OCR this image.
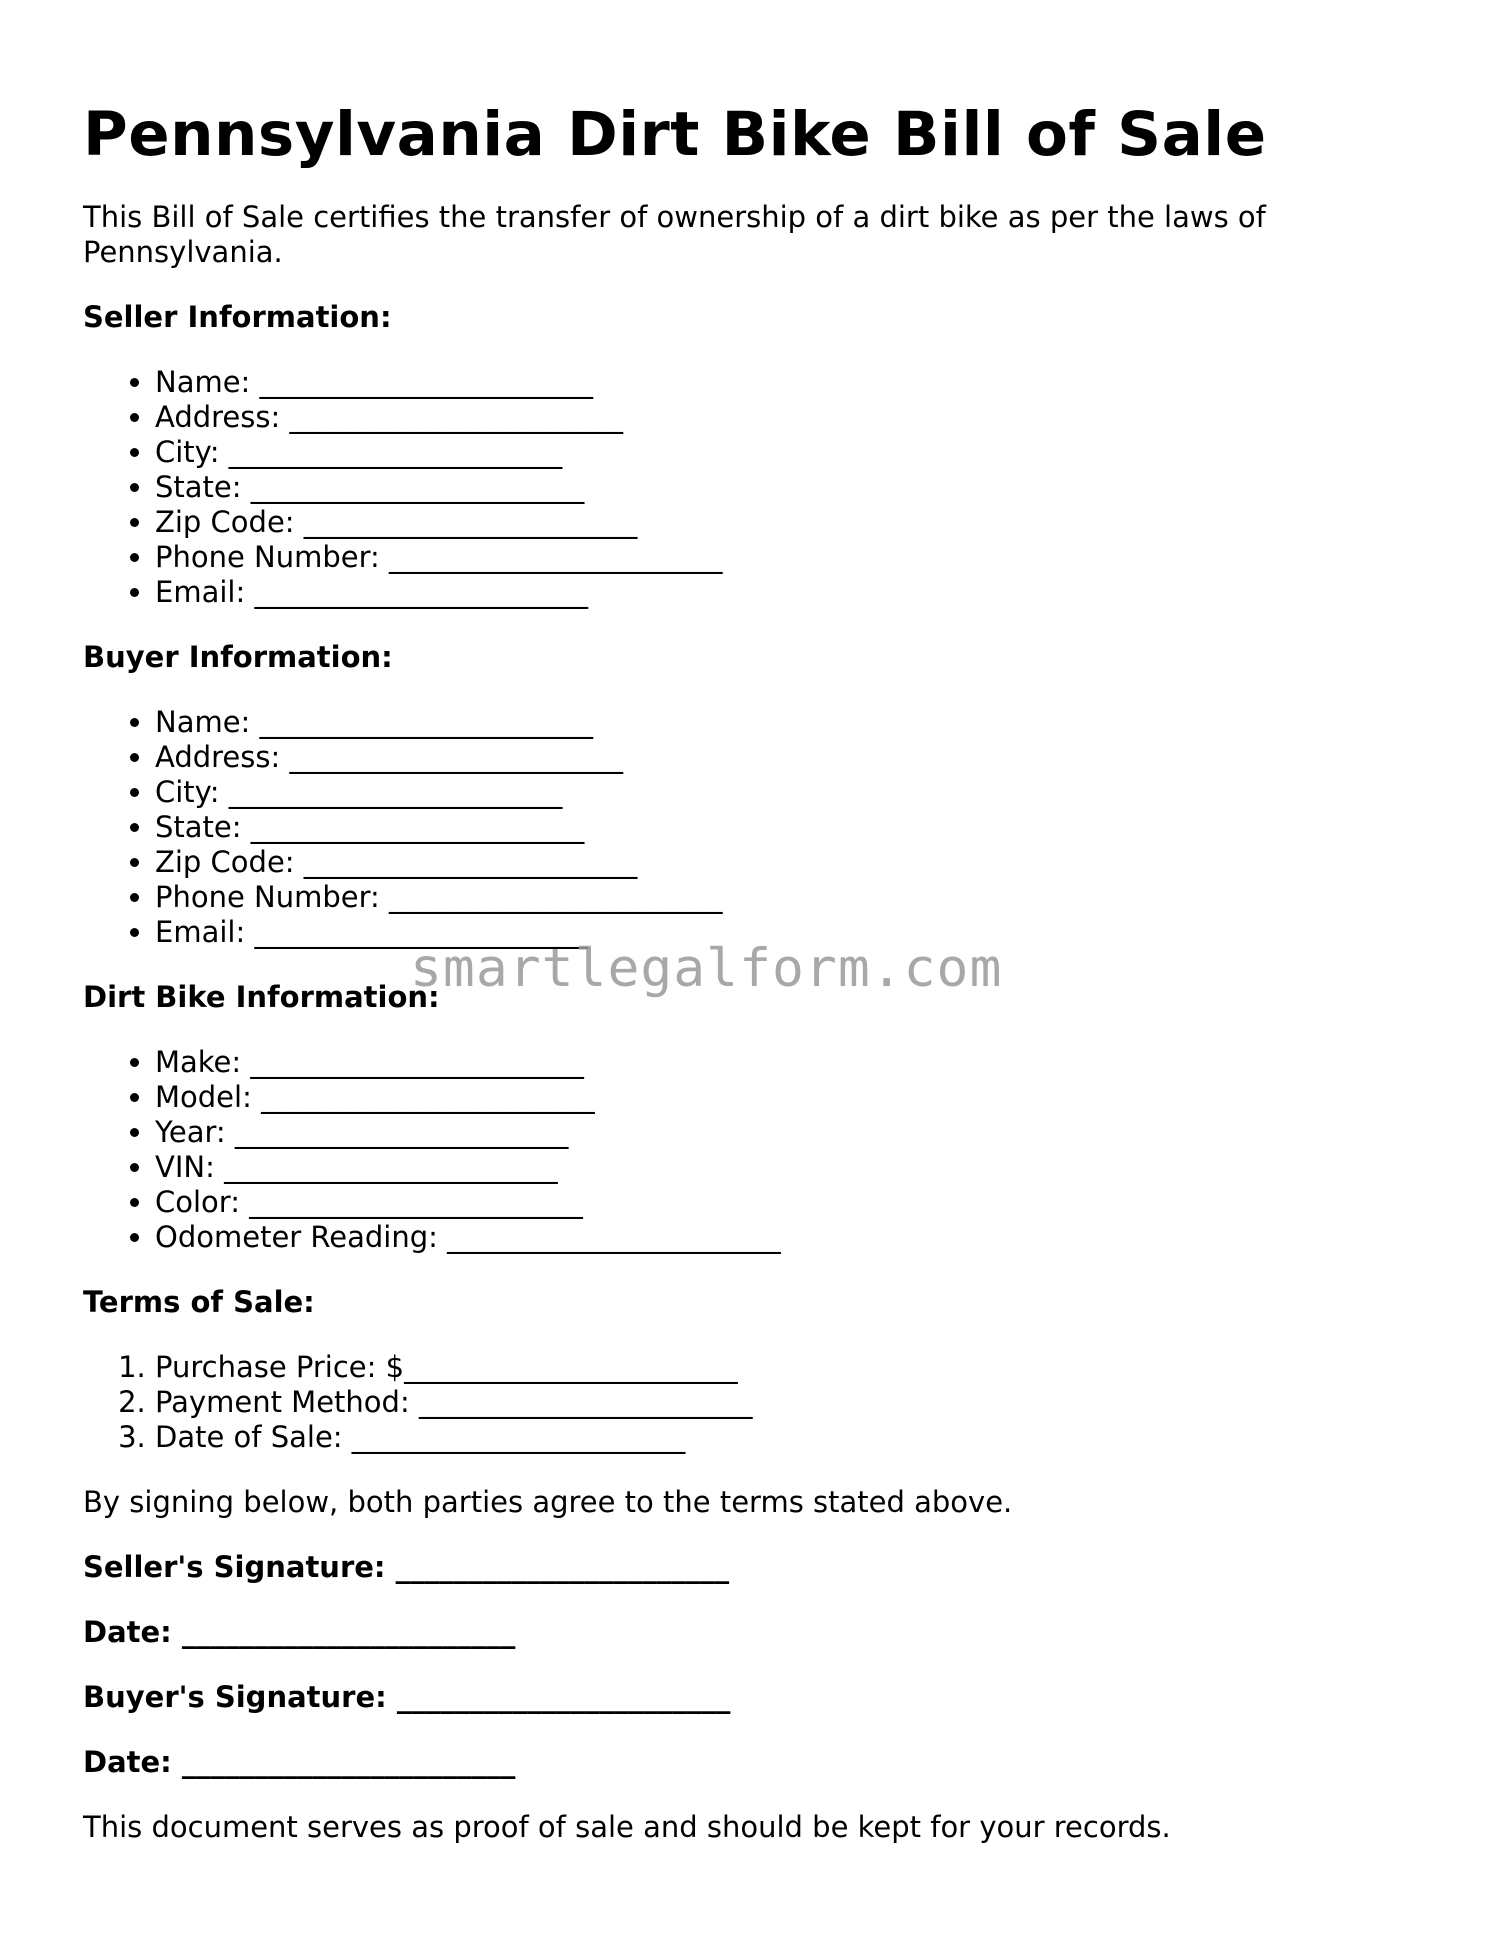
Pennsylvania Dirt Bike Bill of Sale

This Bill of Sale certifies the transfer of ownership of a dirt bike as per the laws of Pennsylvania.

Seller Information:
• Name: _______________________
• Address: _______________________
• City: _______________________
• State: _______________________
• Zip Code: _______________________
• Phone Number: _______________________
• Email: _______________________
Buyer Information:
• Name: _______________________
• Address: _______________________
• City: _______________________
• State: _______________________
• Zip Code: _______________________
• Phone Number: _______________________
• Email: _______________________
Dirt Bike Information:
• Make: _______________________
• Model: _______________________
• Year: _______________________
• VIN: _______________________
• Color: _______________________
• Odometer Reading: _______________________
Terms of Sale:
1. Purchase Price: $_______________________
2. Payment Method: _______________________
3. Date of Sale: _______________________

By signing below, both parties agree to the terms stated above.

Seller's Signature: _______________________
Date: _______________________
Buyer's Signature: _______________________
Date: _______________________

This document serves as proof of sale and should be kept for your records.

smartlegalform.com
